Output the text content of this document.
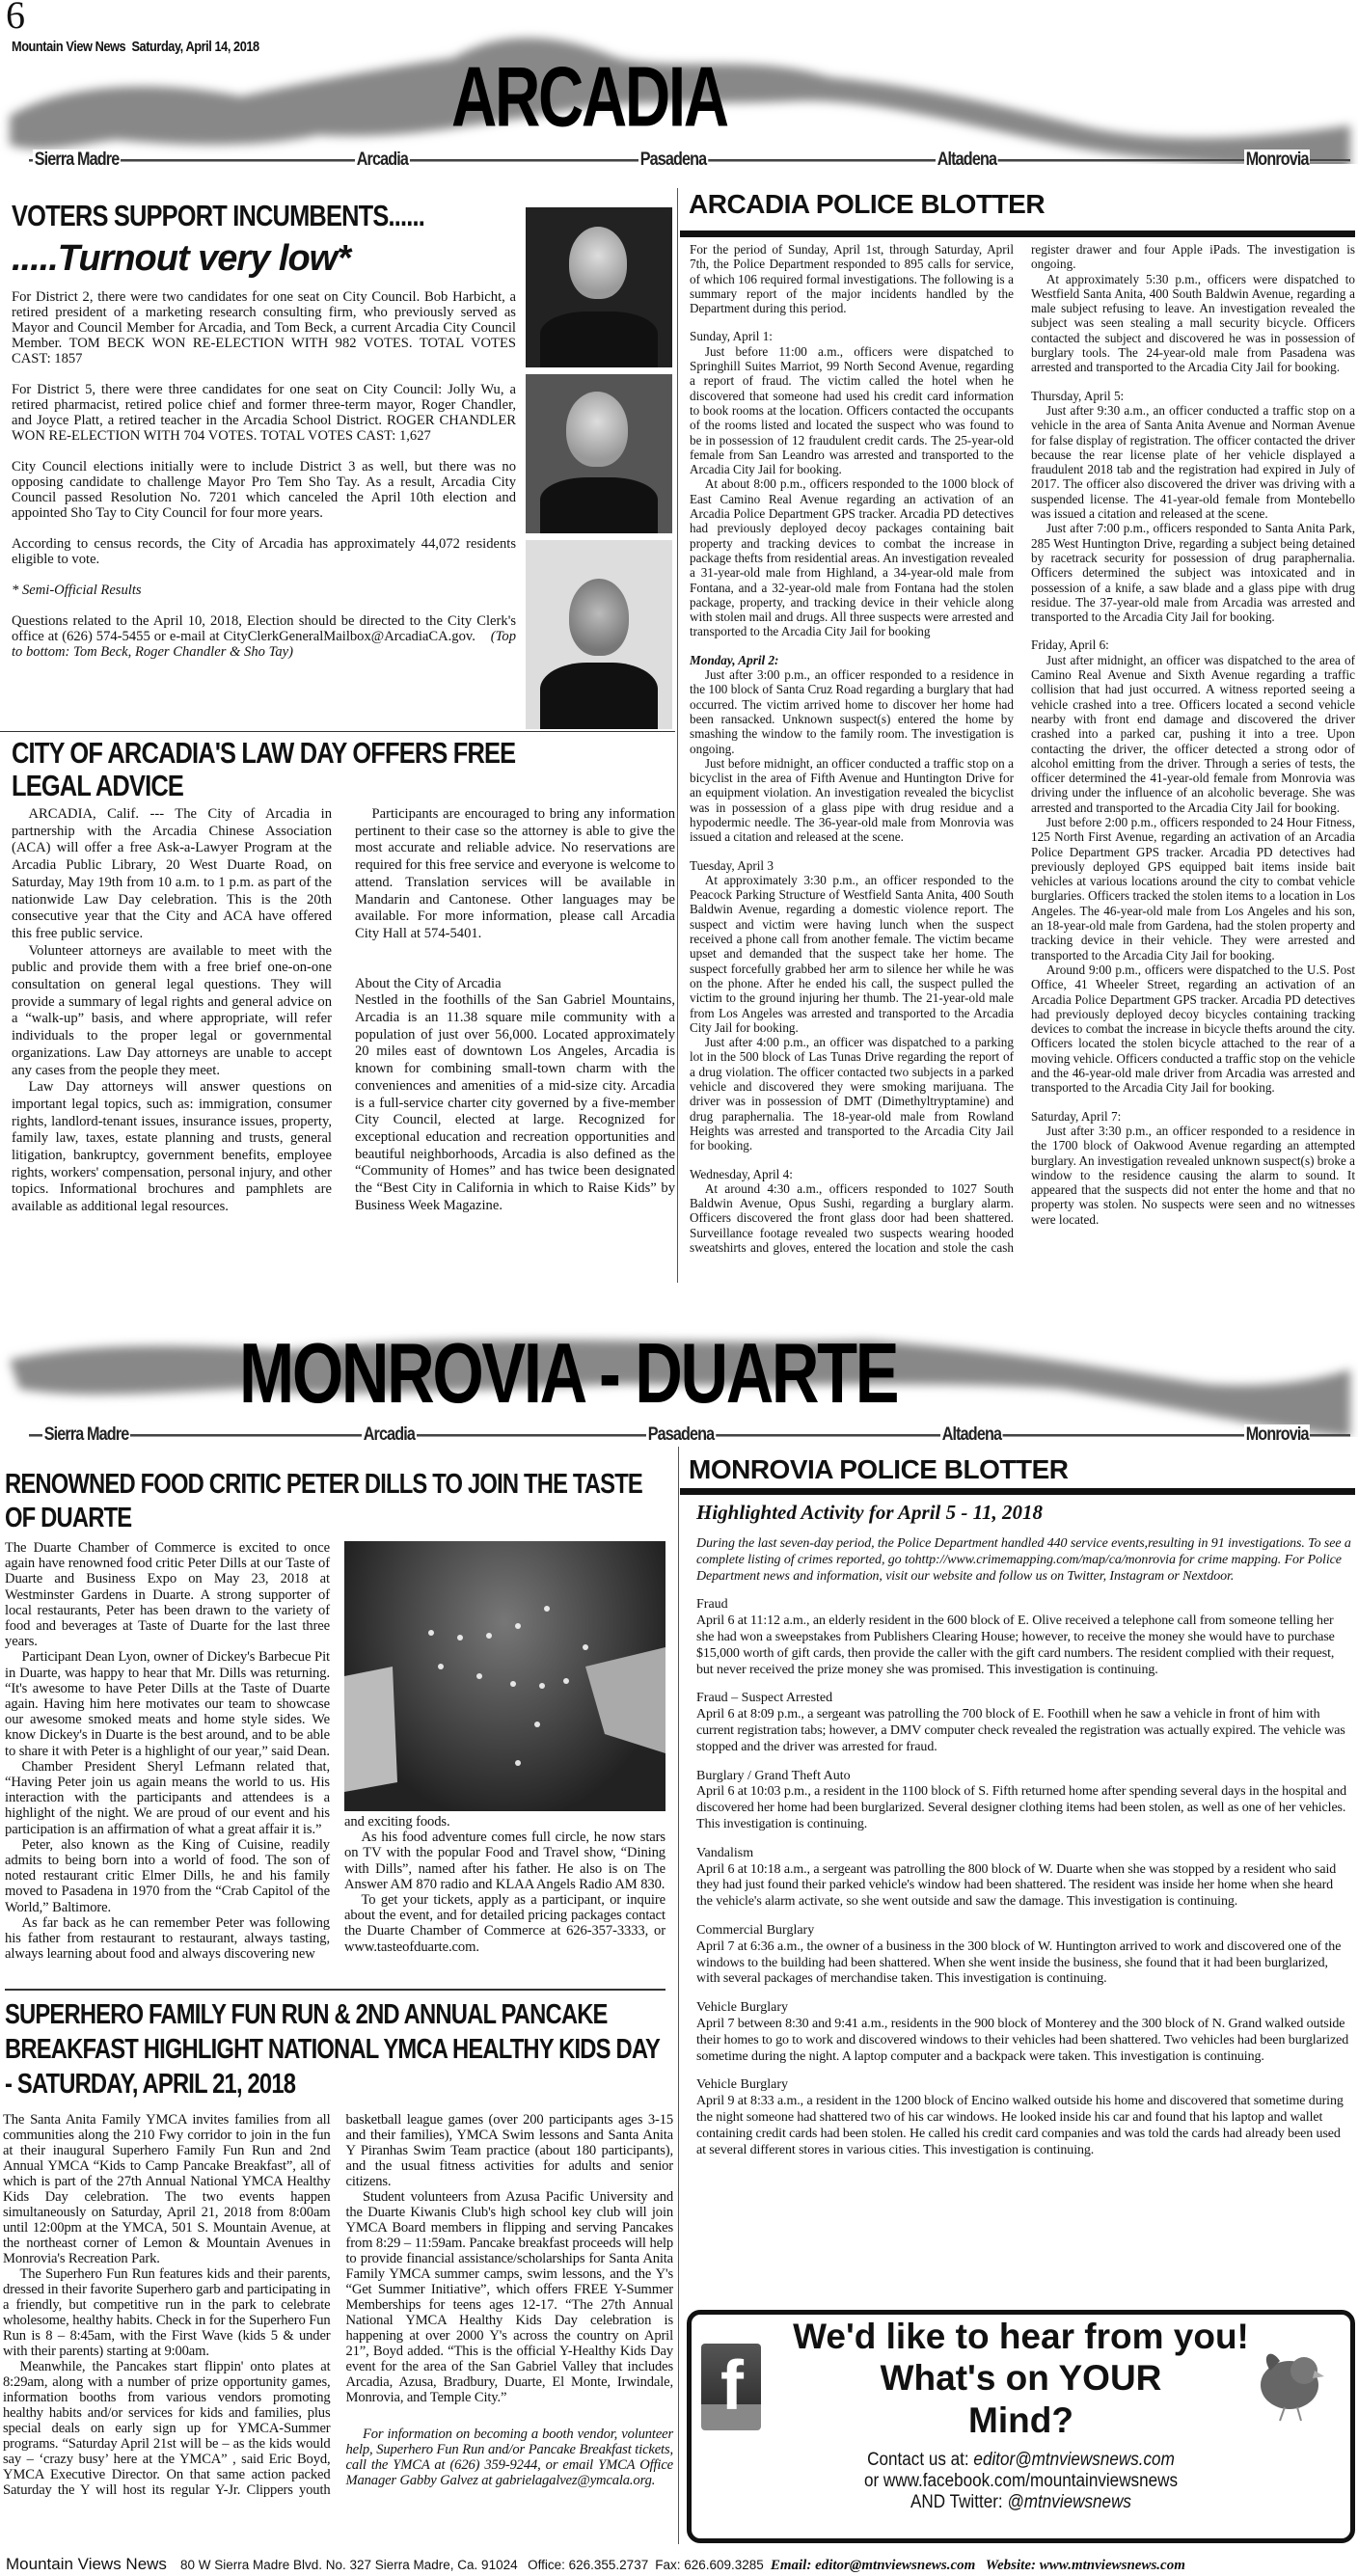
6
Mountain View News Saturday, April 14, 2018
ARCADIA
Sierra Madre	Arcadia	Pasadena	Altadena	Monrovia
VOTERS SUPPORT INCUMBENTS......
.....Turnout very low*

For District 2, there were two candidates for one seat on City Council. Bob Harbicht, a retired president of a marketing research consulting firm, who previously served as Mayor and Council Member for Arcadia, and Tom Beck, a current Arcadia City Council Member. TOM BECK WON RE-ELECTION WITH 982 VOTES. TOTAL VOTES CAST: 1857

For District 5, there were three candidates for one seat on City Council: Jolly Wu, a retired pharmacist, retired police chief and former three-term mayor, Roger Chandler, and Joyce Platt, a retired teacher in the Arcadia School District. ROGER CHANDLER WON RE-ELECTION WITH 704 VOTES. TOTAL VOTES CAST: 1,627

City Council elections initially were to include District 3 as well, but there was no opposing candidate to challenge Mayor Pro Tem Sho Tay. As a result, Arcadia City Council passed Resolution No. 7201 which canceled the April 10th election and appointed Sho Tay to City Council for four more years.

According to census records, the City of Arcadia has approximately 44,072 residents eligible to vote.

* Semi-Official Results

Questions related to the April 10, 2018, Election should be directed to the City Clerk's office at (626) 574-5455 or e-mail at CityClerkGeneralMailbox@ArcadiaCA.gov. (Top to bottom: Tom Beck, Roger Chandler & Sho Tay)

CITY OF ARCADIA'S LAW DAY OFFERS FREE LEGAL ADVICE

ARCADIA, Calif. --- The City of Arcadia in partnership with the Arcadia Chinese Association (ACA) will offer a free Ask-a-Lawyer Program at the Arcadia Public Library, 20 West Duarte Road, on Saturday, May 19th from 10 a.m. to 1 p.m. as part of the nationwide Law Day celebration. This is the 20th consecutive year that the City and ACA have offered this free public service.

Volunteer attorneys are available to meet with the public and provide them with a free brief one-on-one consultation on general legal questions. They will provide a summary of legal rights and general advice on a “walk-up” basis, and where appropriate, will refer individuals to the proper legal or governmental organizations. Law Day attorneys are unable to accept any cases from the people they meet.

Law Day attorneys will answer questions on important legal topics, such as: immigration, consumer rights, landlord-tenant issues, insurance issues, property, family law, taxes, estate planning and trusts, general litigation, bankruptcy, government benefits, employee rights, workers' compensation, personal injury, and other topics. Informational brochures and pamphlets are available as additional legal resources.

Participants are encouraged to bring any information pertinent to their case so the attorney is able to give the most accurate and reliable advice. No reservations are required for this free service and everyone is welcome to attend. Translation services will be available in Mandarin and Cantonese. Other languages may be available. For more information, please call Arcadia City Hall at 574-5401.

About the City of Arcadia

Nestled in the foothills of the San Gabriel Mountains, Arcadia is an 11.38 square mile community with a population of just over 56,000. Located approximately 20 miles east of downtown Los Angeles, Arcadia is known for combining small-town charm with the conveniences and amenities of a mid-size city. Arcadia is a full-service charter city governed by a five-member City Council, elected at large. Recognized for exceptional education and recreation opportunities and beautiful neighborhoods, Arcadia is also defined as the “Community of Homes” and has twice been designated the “Best City in California in which to Raise Kids” by Business Week Magazine.

ARCADIA POLICE BLOTTER

For the period of Sunday, April 1st, through Saturday, April 7th, the Police Department responded to 895 calls for service, of which 106 required formal investigations. The following is a summary report of the major incidents handled by the Department during this period.

Sunday, April 1:

Just before 11:00 a.m., officers were dispatched to Springhill Suites Marriot, 99 North Second Avenue, regarding a report of fraud. The victim called the hotel when he discovered that someone had used his credit card information to book rooms at the location. Officers contacted the occupants of the rooms listed and located the suspect who was found to be in possession of 12 fraudulent credit cards. The 25-year-old female from San Leandro was arrested and transported to the Arcadia City Jail for booking.

At about 8:00 p.m., officers responded to the 1000 block of East Camino Real Avenue regarding an activation of an Arcadia Police Department GPS tracker. Arcadia PD detectives had previously deployed decoy packages containing bait property and tracking devices to combat the increase in package thefts from residential areas. An investigation revealed a 31-year-old male from Highland, a 34-year-old male from Fontana, and a 32-year-old male from Fontana had the stolen package, property, and tracking device in their vehicle along with stolen mail and drugs. All three suspects were arrested and transported to the Arcadia City Jail for booking

Monday, April 2:

Just after 3:00 p.m., an officer responded to a residence in the 100 block of Santa Cruz Road regarding a burglary that had occurred. The victim arrived home to discover her home had been ransacked. Unknown suspect(s) entered the home by smashing the window to the family room. The investigation is ongoing.

Just before midnight, an officer conducted a traffic stop on a bicyclist in the area of Fifth Avenue and Huntington Drive for an equipment violation. An investigation revealed the bicyclist was in possession of a glass pipe with drug residue and a hypodermic needle. The 36-year-old male from Monrovia was issued a citation and released at the scene.

Tuesday, April 3

At approximately 3:30 p.m., an officer responded to the Peacock Parking Structure of Westfield Santa Anita, 400 South Baldwin Avenue, regarding a domestic violence report. The suspect and victim were having lunch when the suspect received a phone call from another female. The victim became upset and demanded that the suspect take her home. The suspect forcefully grabbed her arm to silence her while he was on the phone. After he ended his call, the suspect pulled the victim to the ground injuring her thumb. The 21-year-old male from Los Angeles was arrested and transported to the Arcadia City Jail for booking.

Just after 4:00 p.m., an officer was dispatched to a parking lot in the 500 block of Las Tunas Drive regarding the report of a drug violation. The officer contacted two subjects in a parked vehicle and discovered they were smoking marijuana. The driver was in possession of DMT (Dimethyltryptamine) and drug paraphernalia. The 18-year-old male from Rowland Heights was arrested and transported to the Arcadia City Jail for booking.

Wednesday, April 4:

At around 4:30 a.m., officers responded to 1027 South Baldwin Avenue, Opus Sushi, regarding a burglary alarm. Officers discovered the front glass door had been shattered. Surveillance footage revealed two suspects wearing hooded sweatshirts and gloves, entered the location and stole the cash register drawer and four Apple iPads. The investigation is ongoing.

At approximately 5:30 p.m., officers were dispatched to Westfield Santa Anita, 400 South Baldwin Avenue, regarding a male subject refusing to leave. An investigation revealed the subject was seen stealing a mall security bicycle. Officers contacted the subject and discovered he was in possession of burglary tools. The 24-year-old male from Pasadena was arrested and transported to the Arcadia City Jail for booking.

Thursday, April 5:

Just after 9:30 a.m., an officer conducted a traffic stop on a vehicle in the area of Santa Anita Avenue and Norman Avenue for false display of registration. The officer contacted the driver because the rear license plate of her vehicle displayed a fraudulent 2018 tab and the registration had expired in July of 2017. The officer also discovered the driver was driving with a suspended license. The 41-year-old female from Montebello was issued a citation and released at the scene.

Just after 7:00 p.m., officers responded to Santa Anita Park, 285 West Huntington Drive, regarding a subject being detained by racetrack security for possession of drug paraphernalia. Officers determined the subject was intoxicated and in possession of a knife, a saw blade and a glass pipe with drug residue. The 37-year-old male from Arcadia was arrested and transported to the Arcadia City Jail for booking.

Friday, April 6:

Just after midnight, an officer was dispatched to the area of Camino Real Avenue and Sixth Avenue regarding a traffic collision that had just occurred. A witness reported seeing a vehicle crashed into a tree. Officers located a second vehicle nearby with front end damage and discovered the driver crashed into a parked car, pushing it into a tree. Upon contacting the driver, the officer detected a strong odor of alcohol emitting from the driver. Through a series of tests, the officer determined the 41-year-old female from Monrovia was driving under the influence of an alcoholic beverage. She was arrested and transported to the Arcadia City Jail for booking.

Just before 2:00 p.m., officers responded to 24 Hour Fitness, 125 North First Avenue, regarding an activation of an Arcadia Police Department GPS tracker. Arcadia PD detectives had previously deployed GPS equipped bait items inside bait vehicles at various locations around the city to combat vehicle burglaries. Officers tracked the stolen items to a location in Los Angeles. The 46-year-old male from Los Angeles and his son, an 18-year-old male from Gardena, had the stolen property and tracking device in their vehicle. They were arrested and transported to the Arcadia City Jail for booking.

Around 9:00 p.m., officers were dispatched to the U.S. Post Office, 41 Wheeler Street, regarding an activation of an Arcadia Police Department GPS tracker. Arcadia PD detectives had previously deployed decoy bicycles containing tracking devices to combat the increase in bicycle thefts around the city. Officers located the stolen bicycle attached to the rear of a moving vehicle. Officers conducted a traffic stop on the vehicle and the 46-year-old male driver from Arcadia was arrested and transported to the Arcadia City Jail for booking.

Saturday, April 7:

Just after 3:30 p.m., an officer responded to a residence in the 1700 block of Oakwood Avenue regarding an attempted burglary. An investigation revealed unknown suspect(s) broke a window to the residence causing the alarm to sound. It appeared that the suspects did not enter the home and that no property was stolen. No suspects were seen and no witnesses were located.

MONROVIA - DUARTE
Sierra Madre	Arcadia	Pasadena	Altadena	Monrovia
RENOWNED FOOD CRITIC PETER DILLS TO JOIN THE TASTE OF DUARTE

The Duarte Chamber of Commerce is excited to once again have renowned food critic Peter Dills at our Taste of Duarte and Business Expo on May 23, 2018 at Westminster Gardens in Duarte. A strong supporter of local restaurants, Peter has been drawn to the variety of food and beverages at Taste of Duarte for the last three years.

Participant Dean Lyon, owner of Dickey's Barbecue Pit in Duarte, was happy to hear that Mr. Dills was returning. “It's awesome to have Peter Dills at the Taste of Duarte again. Having him here motivates our team to showcase our awesome smoked meats and home style sides. We know Dickey's in Duarte is the best around, and to be able to share it with Peter is a highlight of our year,” said Dean.

Chamber President Sheryl Lefmann related that, “Having Peter join us again means the world to us. His interaction with the participants and attendees is a highlight of the night. We are proud of our event and his participation is an affirmation of what a great affair it is.”

Peter, also known as the King of Cuisine, readily admits to being born into a world of food. The son of noted restaurant critic Elmer Dills, he and his family moved to Pasadena in 1970 from the “Crab Capitol of the World,” Baltimore.

As far back as he can remember Peter was following his father from restaurant to restaurant, always tasting, always learning about food and always discovering new

and exciting foods.

As his food adventure comes full circle, he now stars on TV with the popular Food and Travel show, “Dining with Dills”, named after his father. He also is on The Answer AM 870 radio and KLAA Angels Radio AM 830.

To get your tickets, apply as a participant, or inquire about the event, and for detailed pricing packages contact the Duarte Chamber of Commerce at 626-357-3333, or www.tasteofduarte.com.

SUPERHERO FAMILY FUN RUN & 2ND ANNUAL PANCAKE BREAKFAST HIGHLIGHT NATIONAL YMCA HEALTHY KIDS DAY - SATURDAY, APRIL 21, 2018

The Santa Anita Family YMCA invites families from all communities along the 210 Fwy corridor to join in the fun at their inaugural Superhero Family Fun Run and 2nd Annual YMCA “Kids to Camp Pancake Breakfast”, all of which is part of the 27th Annual National YMCA Healthy Kids Day celebration. The two events happen simultaneously on Saturday, April 21, 2018 from 8:00am until 12:00pm at the YMCA, 501 S. Mountain Avenue, at the northeast corner of Lemon & Mountain Avenues in Monrovia's Recreation Park.

The Superhero Fun Run features kids and their parents, dressed in their favorite Superhero garb and participating in a friendly, but competitive run in the park to celebrate wholesome, healthy habits. Check in for the Superhero Fun Run is 8 – 8:45am, with the First Wave (kids 5 & under with their parents) starting at 9:00am.

Meanwhile, the Pancakes start flippin' onto plates at 8:29am, along with a number of prize opportunity games, information booths from various vendors promoting healthy habits and/or services for kids and families, plus special deals on early sign up for YMCA-Summer programs. “Saturday April 21st will be – as the kids would say – ‘crazy busy’ here at the YMCA” , said Eric Boyd, YMCA Executive Director. On that same action packed Saturday the Y will host its regular Y-Jr. Clippers youth basketball league games (over 200 participants ages 3-15 and their families), YMCA Swim lessons and Santa Anita Y Piranhas Swim Team practice (about 180 participants), and the usual fitness activities for adults and senior citizens.

Student volunteers from Azusa Pacific University and the Duarte Kiwanis Club's high school key club will join YMCA Board members in flipping and serving Pancakes from 8:29 – 11:59am. Pancake breakfast proceeds will help to provide financial assistance/scholarships for Santa Anita Family YMCA summer camps, swim lessons, and the Y's “Get Summer Initiative”, which offers FREE Y-Summer Memberships for teens ages 12-17. “The 27th Annual National YMCA Healthy Kids Day celebration is happening at over 2000 Y's across the country on April 21”, Boyd added. “This is the official Y-Healthy Kids Day event for the area of the San Gabriel Valley that includes Arcadia, Azusa, Bradbury, Duarte, El Monte, Irwindale, Monrovia, and Temple City.”

For information on becoming a booth vendor, volunteer help, Superhero Fun Run and/or Pancake Breakfast tickets, call the YMCA at (626) 359-9244, or email YMCA Office Manager Gabby Galvez at gabrielagalvez@ymcala.org.

MONROVIA POLICE BLOTTER
Highlighted Activity for April 5 - 11, 2018

During the last seven-day period, the Police Department handled 440 service events,resulting in 91 investigations. To see a complete listing of crimes reported, go tohttp://www.crimemapping.com/map/ca/monrovia for crime mapping. For Police Department news and information, visit our website and follow us on Twitter, Instagram or Nextdoor.

Fraud

April 6 at 11:12 a.m., an elderly resident in the 600 block of E. Olive received a telephone call from someone telling her she had won a sweepstakes from Publishers Clearing House; however, to receive the money she would have to purchase $15,000 worth of gift cards, then provide the caller with the gift card numbers. The resident complied with their request, but never received the prize money she was promised. This investigation is continuing.

Fraud – Suspect Arrested

April 6 at 8:09 p.m., a sergeant was patrolling the 700 block of E. Foothill when he saw a vehicle in front of him with current registration tabs; however, a DMV computer check revealed the registration was actually expired. The vehicle was stopped and the driver was arrested for fraud.

Burglary / Grand Theft Auto

April 6 at 10:03 p.m., a resident in the 1100 block of S. Fifth returned home after spending several days in the hospital and discovered her home had been burglarized. Several designer clothing items had been stolen, as well as one of her vehicles. This investigation is continuing.

Vandalism

April 6 at 10:18 a.m., a sergeant was patrolling the 800 block of W. Duarte when she was stopped by a resident who said they had just found their parked vehicle's window had been shattered. The resident was inside her home when she heard the vehicle's alarm activate, so she went outside and saw the damage. This investigation is continuing.

Commercial Burglary

April 7 at 6:36 a.m., the owner of a business in the 300 block of W. Huntington arrived to work and discovered one of the windows to the building had been shattered. When she went inside the business, she found that it had been burglarized, with several packages of merchandise taken. This investigation is continuing.

Vehicle Burglary

April 7 between 8:30 and 9:41 a.m., residents in the 900 block of Monterey and the 300 block of N. Grand walked outside their homes to go to work and discovered windows to their vehicles had been shattered. Two vehicles had been burglarized sometime during the night. A laptop computer and a backpack were taken. This investigation is continuing.

Vehicle Burglary

April 9 at 8:33 a.m., a resident in the 1200 block of Encino walked outside his home and discovered that sometime during the night someone had shattered two of his car windows. He looked inside his car and found that his laptop and wallet containing credit cards had been stolen. He called his credit card companies and was told the cards had already been used at several different stores in various cities. This investigation is continuing.

We'd like to hear from you!
What's on YOUR
Mind?
Contact us at: editor@mtnviewsnews.com
or www.facebook.com/mountainviewsnews
AND Twitter: @mtnviewsnews
f
Mountain Views News 80 W Sierra Madre Blvd. No. 327 Sierra Madre, Ca. 91024 Office: 626.355.2737 Fax: 626.609.3285 Email: editor@mtnviewsnews.com Website: www.mtnviewsnews.com
